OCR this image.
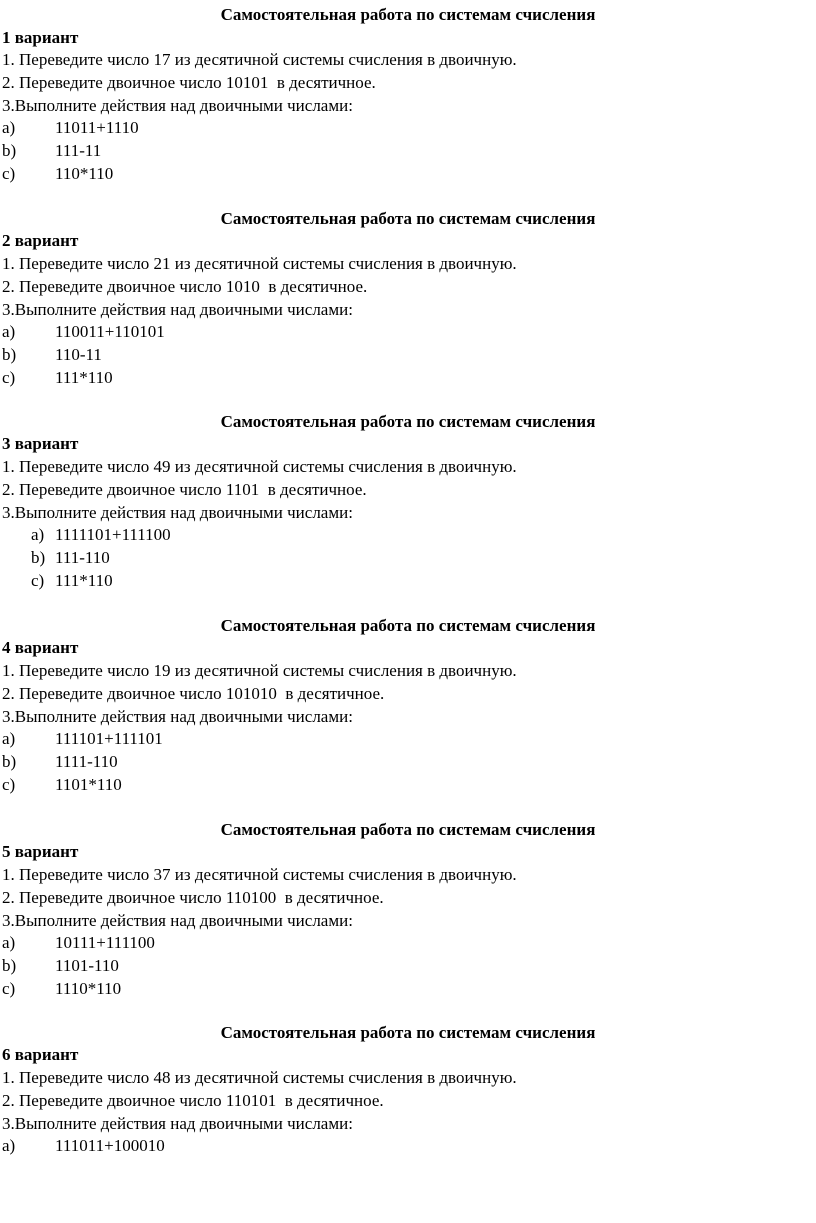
Самостоятельная работа по системам счисления
1 вариант
1. Переведите число 17 из десятичной системы счисления в двоичную.
2. Переведите двоичное число 10101  в десятичное.
3.Выполните действия над двоичными числами:

a)

11011+1110

b)

111-11

c)

110*110

Самостоятельная работа по системам счисления
2 вариант
1. Переведите число 21 из десятичной системы счисления в двоичную.
2. Переведите двоичное число 1010  в десятичное.
3.Выполните действия над двоичными числами:

a)

110011+110101

b)

110-11

c)

111*110

Самостоятельная работа по системам счисления
3 вариант
1. Переведите число 49 из десятичной системы счисления в двоичную.
2. Переведите двоичное число 1101  в десятичное.
3.Выполните действия над двоичными числами:

a)

1111101+111100

b)

111-110

c)

111*110

Самостоятельная работа по системам счисления
4 вариант
1. Переведите число 19 из десятичной системы счисления в двоичную.
2. Переведите двоичное число 101010  в десятичное.
3.Выполните действия над двоичными числами:

a)

111101+111101

b)

1111-110

c)

1101*110

Самостоятельная работа по системам счисления
5 вариант
1. Переведите число 37 из десятичной системы счисления в двоичную.
2. Переведите двоичное число 110100  в десятичное.
3.Выполните действия над двоичными числами:

a)

10111+111100

b)

1101-110

c)

1110*110

Самостоятельная работа по системам счисления
6 вариант
1. Переведите число 48 из десятичной системы счисления в двоичную.
2. Переведите двоичное число 110101  в десятичное.
3.Выполните действия над двоичными числами:

a)

111011+100010
